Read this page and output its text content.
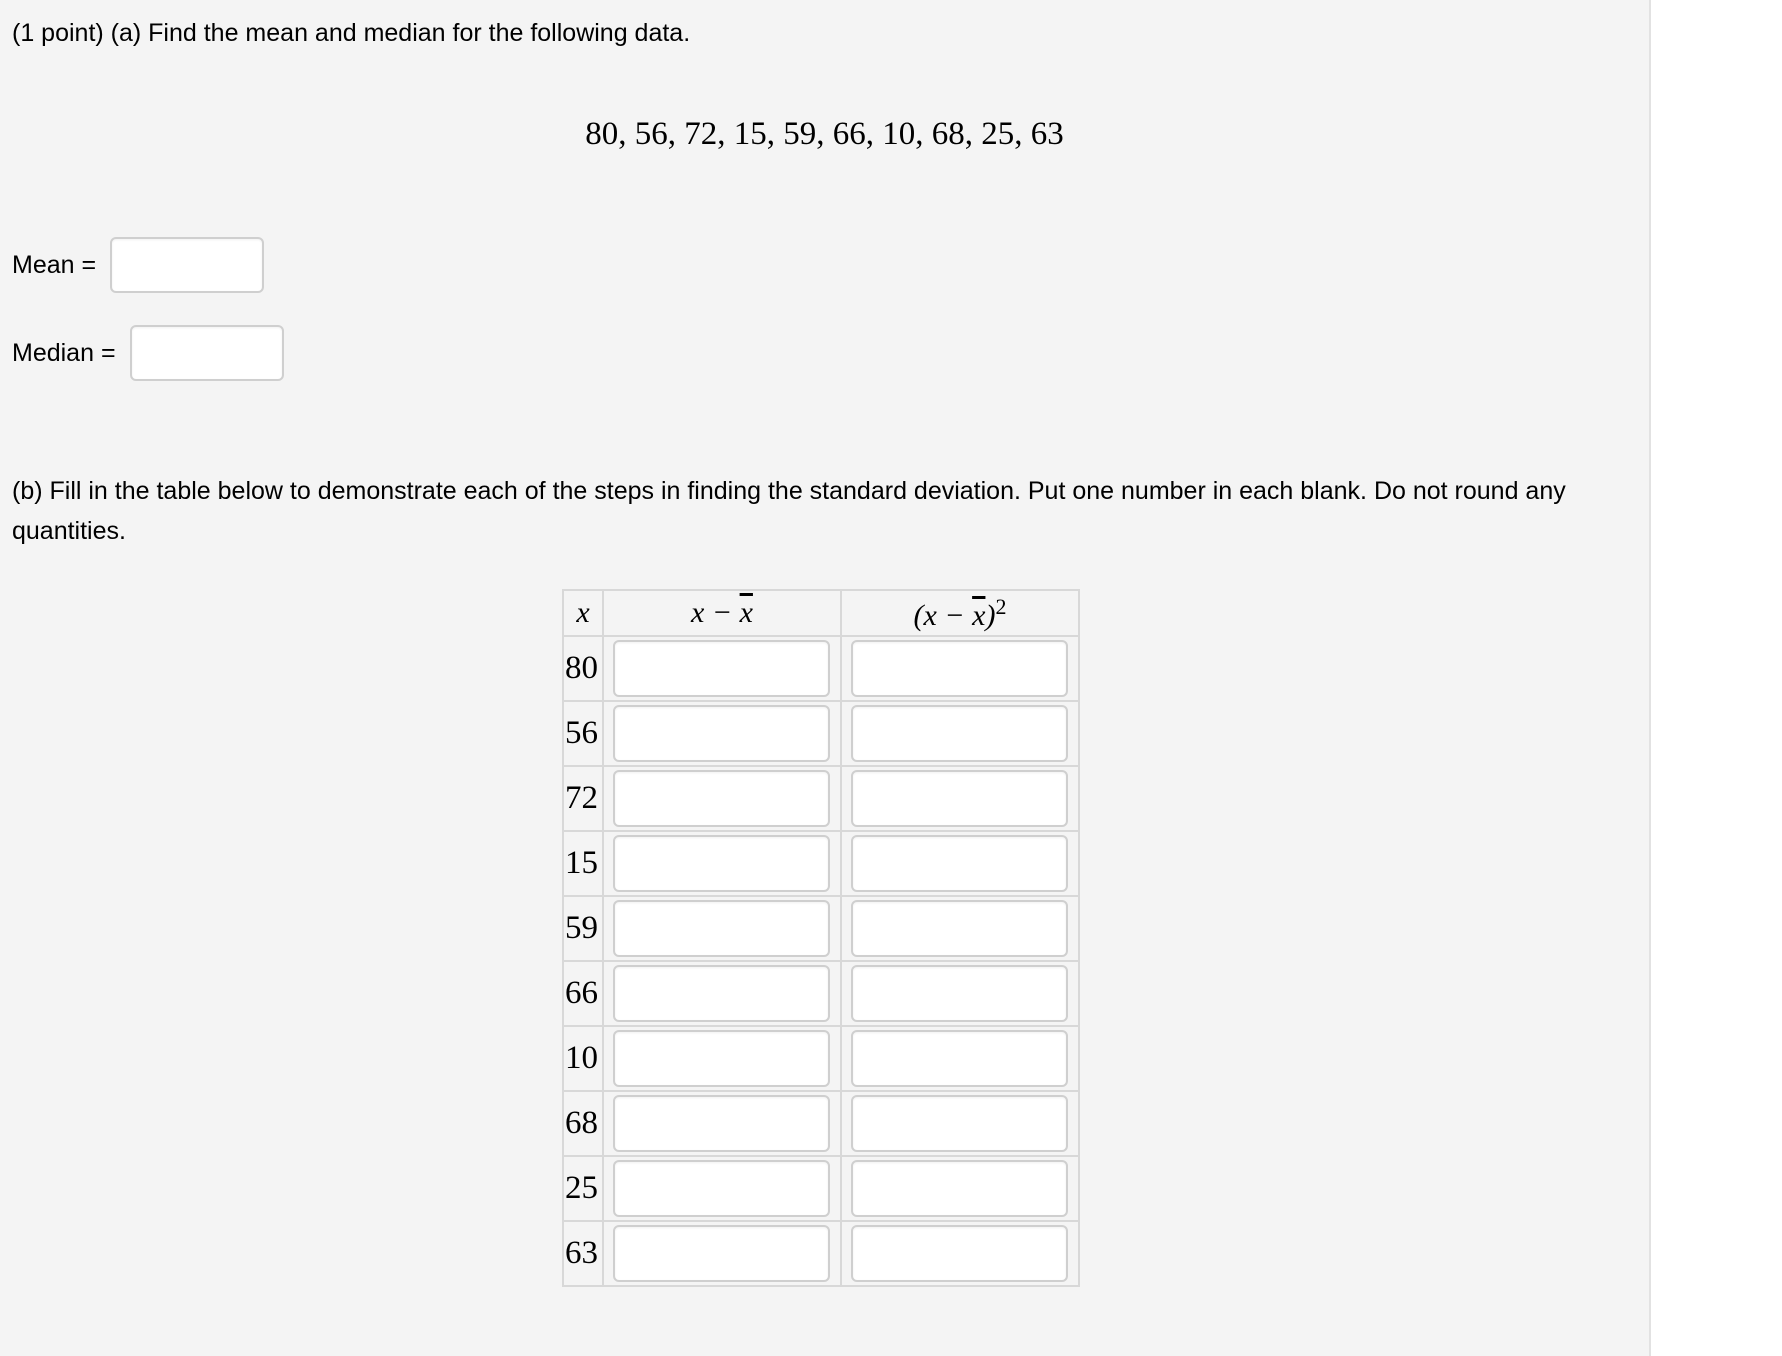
(1 point) (a) Find the mean and median for the following data.
80, 56, 72, 15, 59, 66, 10, 68, 25, 63
Mean =
Median =
(b) Fill in the table below to demonstrate each of the steps in finding the standard deviation. Put one number in each blank. Do not round any quantities.
x	$x - \overline{x}$	$(x - \overline{x})^2$
80	

56	

72	

15	

59	

66	

10	

68	

25	

63	
